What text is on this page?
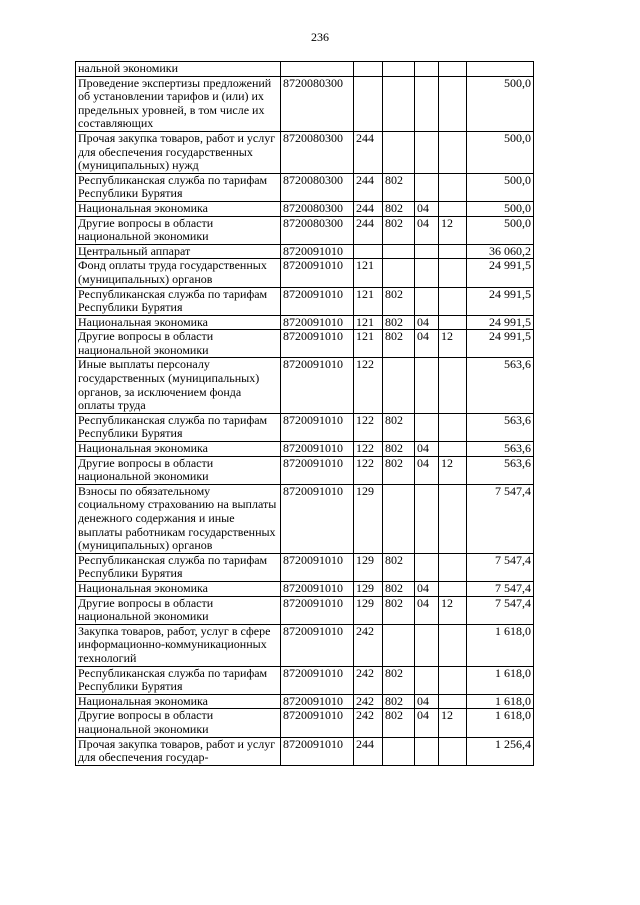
236
нальной экономики						
Проведение экспертизы предложений об установлении тарифов и (или) их предельных уровней, в том числе их составляющих	8720080300					500,0
Прочая закупка товаров, работ и услуг для обеспечения государственных (муниципальных) нужд	8720080300	244				500,0
Республиканская служба по тарифам Республики Бурятия	8720080300	244	802			500,0
Национальная экономика	8720080300	244	802	04		500,0
Другие вопросы в области национальной экономики	8720080300	244	802	04	12	500,0
Центральный аппарат	8720091010					36 060,2
Фонд оплаты труда государственных (муниципальных) органов	8720091010	121				24 991,5
Республиканская служба по тарифам Республики Бурятия	8720091010	121	802			24 991,5
Национальная экономика	8720091010	121	802	04		24 991,5
Другие вопросы в области национальной экономики	8720091010	121	802	04	12	24 991,5
Иные выплаты персоналу государственных (муниципальных) органов, за исключением фонда оплаты труда	8720091010	122				563,6
Республиканская служба по тарифам Республики Бурятия	8720091010	122	802			563,6
Национальная экономика	8720091010	122	802	04		563,6
Другие вопросы в области национальной экономики	8720091010	122	802	04	12	563,6
Взносы по обязательному социальному страхованию на выплаты денежного содержания и иные выплаты работникам государственных (муниципальных) органов	8720091010	129				7 547,4
Республиканская служба по тарифам Республики Бурятия	8720091010	129	802			7 547,4
Национальная экономика	8720091010	129	802	04		7 547,4
Другие вопросы в области национальной экономики	8720091010	129	802	04	12	7 547,4
Закупка товаров, работ, услуг в сфере информационно-коммуникационных технологий	8720091010	242				1 618,0
Республиканская служба по тарифам Республики Бурятия	8720091010	242	802			1 618,0
Национальная экономика	8720091010	242	802	04		1 618,0
Другие вопросы в области национальной экономики	8720091010	242	802	04	12	1 618,0
Прочая закупка товаров, работ и услуг для обеспечения государ-	8720091010	244				1 256,4
